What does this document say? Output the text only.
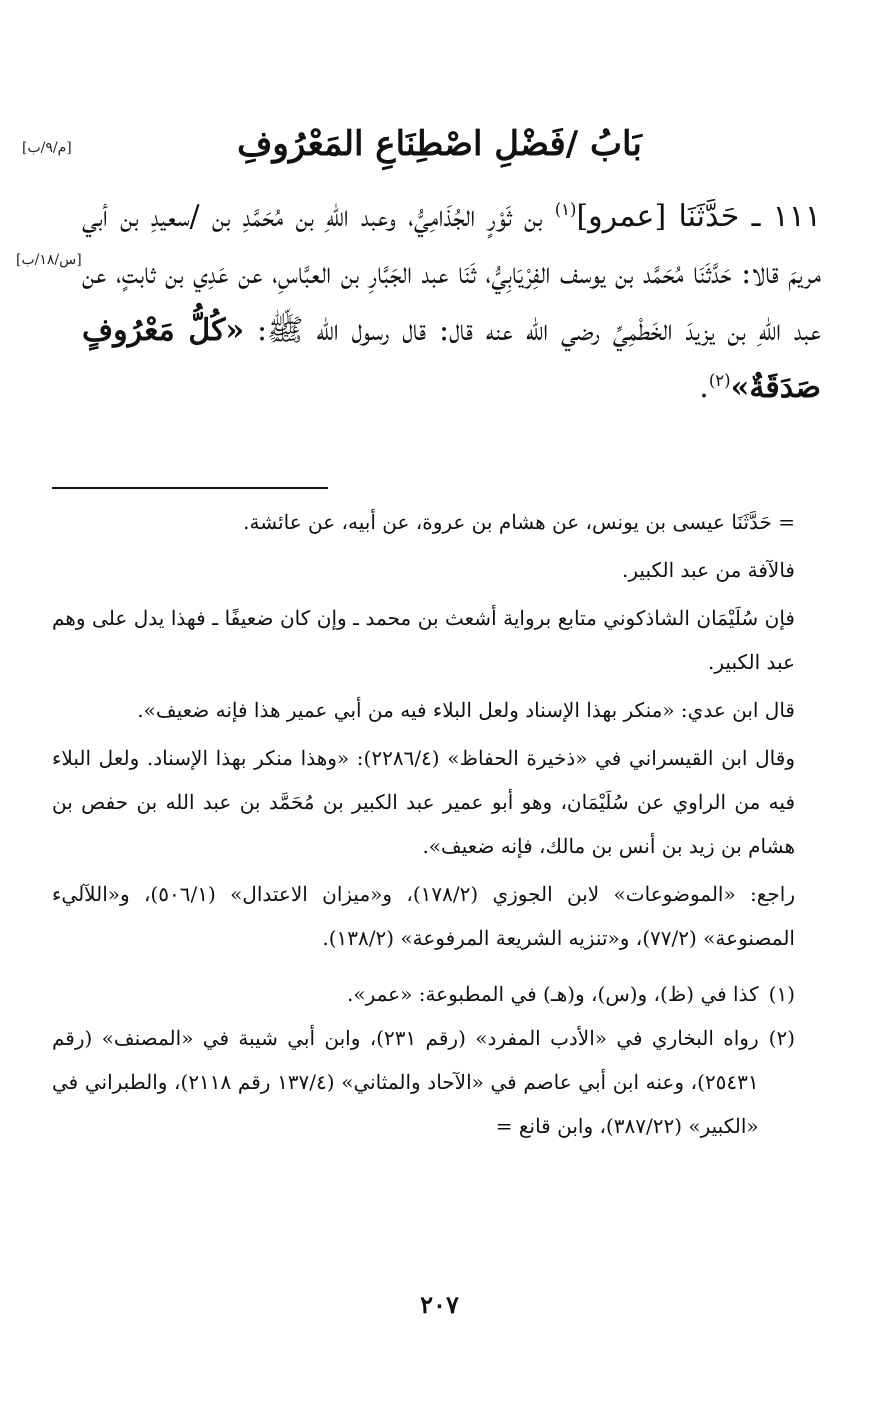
بَابُ /فَضْلِ اصْطِنَاعِ المَعْرُوفِ
[م/٩/ب]
[س/١٨/ب]

١١١ ـ حَدَّثَنَا [عمرو]$^{(١)}$ بن ثَوْرٍ الجُذَامِيُّ، وعبد اللهِ بن مُحَمَّدِ بن /سعيدِ بن أبي مريمَ قالا: حَدَّثَنَا مُحَمَّد بن يوسف الفِرْيَابِيُّ، ثَنَا عبد الجَبَّارِ بن العبَّاسِ، عن عَدِي بن ثابتٍ، عن عبد اللهِ بن يزيدَ الخَطْمِيِّ رضي الله عنه قال: قال رسول الله ﷺ: «كُلُّ مَعْرُوفٍ صَدَقَةٌ»$^{(٢)}$.

= حَدَّثَنَا عيسى بن يونس، عن هشام بن عروة، عن أبيه، عن عائشة.

فالآفة من عبد الكبير.

فإن سُلَيْمَان الشاذكوني متابع برواية أشعث بن محمد ـ وإن كان ضعيفًا ـ فهذا يدل على وهم عبد الكبير.

قال ابن عدي: «منكر بهذا الإسناد ولعل البلاء فيه من أبي عمير هذا فإنه ضعيف».

وقال ابن القيسراني في «ذخيرة الحفاظ» (٢٢٨٦/٤): «وهذا منكر بهذا الإسناد. ولعل البلاء فيه من الراوي عن سُلَيْمَان، وهو أبو عمير عبد الكبير بن مُحَمَّد بن عبد الله بن حفص بن هشام بن زيد بن أنس بن مالك، فإنه ضعيف».

راجع: «الموضوعات» لابن الجوزي (١٧٨/٢)، و«ميزان الاعتدال» (٥٠٦/١)، و«اللآليء المصنوعة» (٧٧/٢)، و«تنزيه الشريعة المرفوعة» (١٣٨/٢).

(١)
كذا في (ظ)، و(س)، و(هـ) في المطبوعة: «عمر».
(٢)
رواه البخاري في «الأدب المفرد» (رقم ٢٣١)، وابن أبي شيبة في «المصنف» (رقم ٢٥٤٣١)، وعنه ابن أبي عاصم في «الآحاد والمثاني» (١٣٧/٤ رقم ٢١١٨)، والطبراني في «الكبير» (٣٨٧/٢٢)، وابن قانع =
٢٠٧
